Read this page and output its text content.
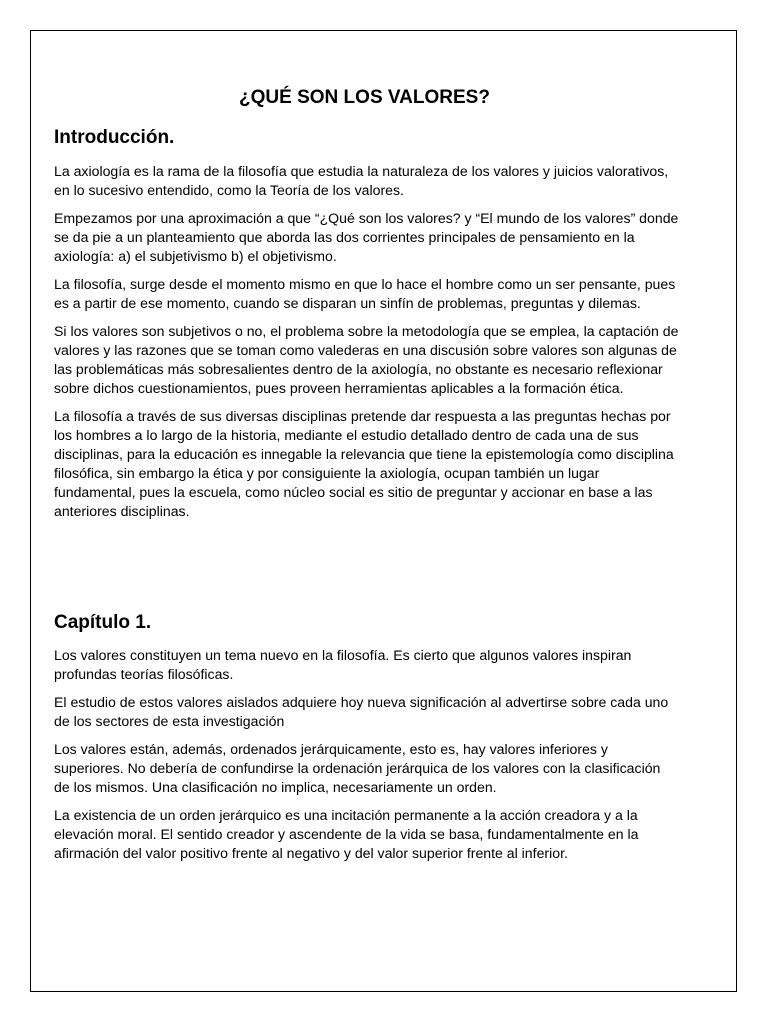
¿QUÉ SON LOS VALORES?
Introducción.

La axiología es la rama de la filosofía que estudia la naturaleza de los valores y juicios valorativos, en lo sucesivo entendido, como la Teoría de los valores.

Empezamos por una aproximación a que “¿Qué son los valores? y “El mundo de los valores” donde se da pie a un planteamiento que aborda las dos corrientes principales de pensamiento en la axiología: a) el subjetivismo b) el objetivismo.

La filosofía, surge desde el momento mismo en que lo hace el hombre como un ser pensante, pues es a partir de ese momento, cuando se disparan un sinfín de problemas, preguntas y dilemas.

Si los valores son subjetivos o no, el problema sobre la metodología que se emplea, la captación de valores y las razones que se toman como valederas en una discusión sobre valores son algunas de las problemáticas más sobresalientes dentro de la axiología, no obstante es necesario reflexionar sobre dichos cuestionamientos, pues proveen herramientas aplicables a la formación ética.

La filosofía a través de sus diversas disciplinas pretende dar respuesta a las preguntas hechas por los hombres a lo largo de la historia, mediante el estudio detallado dentro de cada una de sus disciplinas, para la educación es innegable la relevancia que tiene la epistemología como disciplina filosófica, sin embargo la ética y por consiguiente la axiología, ocupan también un lugar fundamental, pues la escuela, como núcleo social es sitio de preguntar y accionar en base a las anteriores disciplinas.

Capítulo 1.

Los valores constituyen un tema nuevo en la filosofía. Es cierto que algunos valores inspiran profundas teorías filosóficas.

El estudio de estos valores aislados adquiere hoy nueva significación al advertirse sobre cada uno de los sectores de esta investigación

Los valores están, además, ordenados jerárquicamente, esto es, hay valores inferiores y superiores. No debería de confundirse la ordenación jerárquica de los valores con la clasificación de los mismos. Una clasificación no implica, necesariamente un orden.

La existencia de un orden jerárquico es una incitación permanente a la acción creadora y a la elevación moral. El sentido creador y ascendente de la vida se basa, fundamentalmente en la afirmación del valor positivo frente al negativo y del valor superior frente al inferior.
